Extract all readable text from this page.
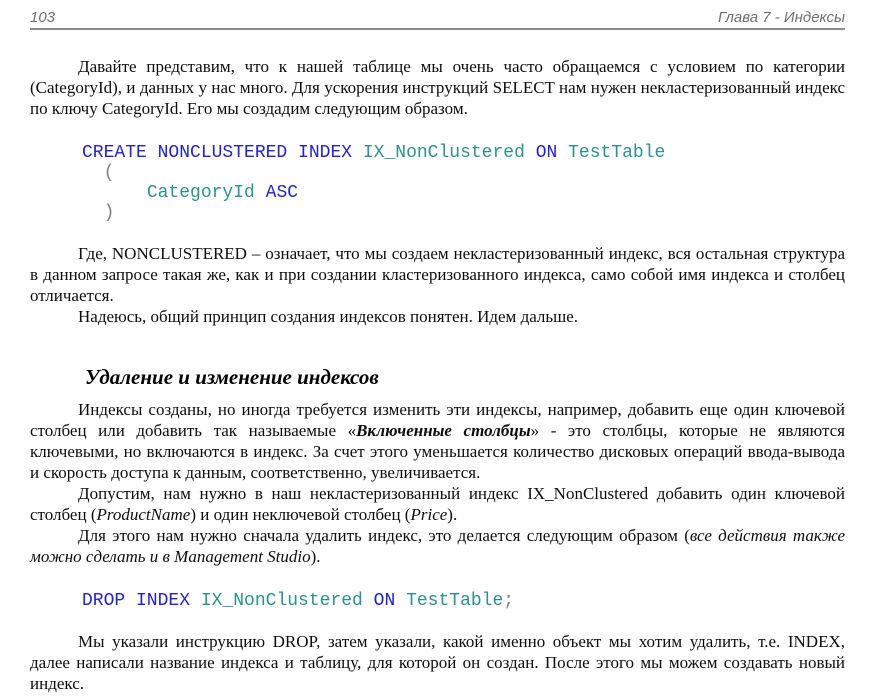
103	Глава 7 - Индексы

Давайте представим, что к нашей таблице мы очень часто обращаемся с условием по категории (CategoryId), и данных у нас много. Для ускорения инструкций SELECT нам нужен некластеризованный индекс по ключу CategoryId. Его мы создадим следующим образом.

CREATE NONCLUSTERED INDEX IX_NonClustered ON TestTable
(
CategoryId ASC
)

Где, NONCLUSTERED – означает, что мы создаем некластеризованный индекс, вся остальная структура в данном запросе такая же, как и при создании кластеризованного индекса, само собой имя индекса и столбец отличается.

Надеюсь, общий принцип создания индексов понятен. Идем дальше.

Удаление и изменение индексов

Индексы созданы, но иногда требуется изменить эти индексы, например, добавить еще один ключевой столбец или добавить так называемые «Включенные столбцы» - это столбцы, которые не являются ключевыми, но включаются в индекс. За счет этого уменьшается количество дисковых операций ввода-вывода и скорость доступа к данным, соответственно, увеличивается.

Допустим, нам нужно в наш некластеризованный индекс IX_NonClustered добавить один ключевой столбец (ProductName) и один неключевой столбец (Price).

Для этого нам нужно сначала удалить индекс, это делается следующим образом (все действия также можно сделать и в Management Studio).

DROP INDEX IX_NonClustered ON TestTable;

Мы указали инструкцию DROP, затем указали, какой именно объект мы хотим удалить, т.е. INDEX, далее написали название индекса и таблицу, для которой он создан. После этого мы можем создавать новый индекс.
